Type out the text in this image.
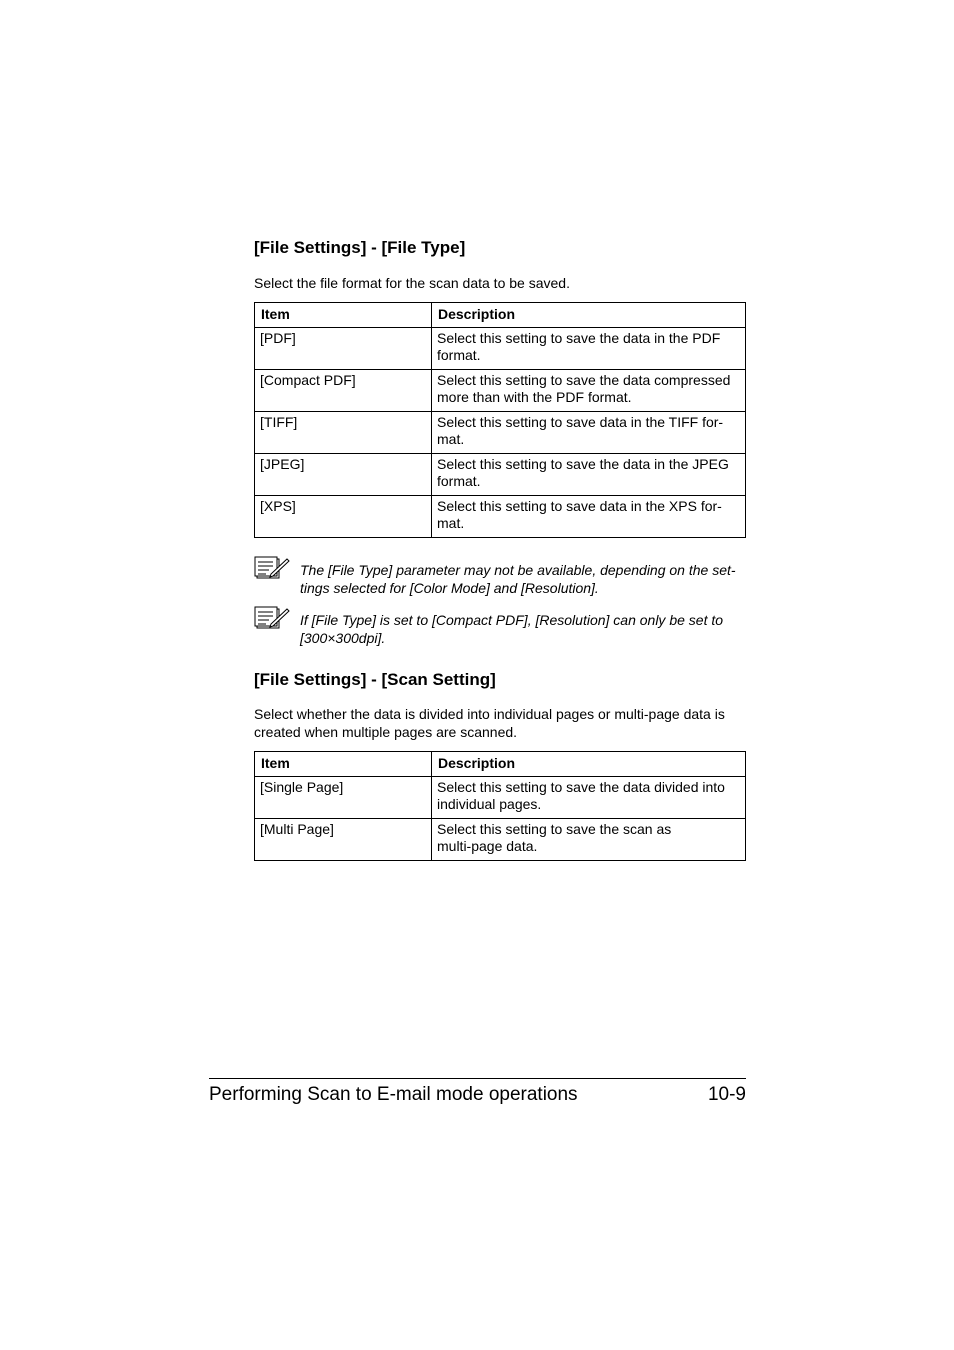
[File Settings] - [File Type]
Select the file format for the scan data to be saved.
Item	Description
[PDF]	Select this setting to save the data in the PDF
format.
[Compact PDF]	Select this setting to save the data compressed
more than with the PDF format.
[TIFF]	Select this setting to save data in the TIFF for-
mat.
[JPEG]	Select this setting to save the data in the JPEG
format.
[XPS]	Select this setting to save data in the XPS for-
mat.
The [File Type] parameter may not be available, depending on the set-
tings selected for [Color Mode] and [Resolution].
If [File Type] is set to [Compact PDF], [Resolution] can only be set to
[300×300dpi].
[File Settings] - [Scan Setting]
Select whether the data is divided into individual pages or multi-page data is
created when multiple pages are scanned.
Item	Description
[Single Page]	Select this setting to save the data divided into
individual pages.
[Multi Page]	Select this setting to save the scan as
multi-page data.
Performing Scan to E-mail mode operations	10-9
